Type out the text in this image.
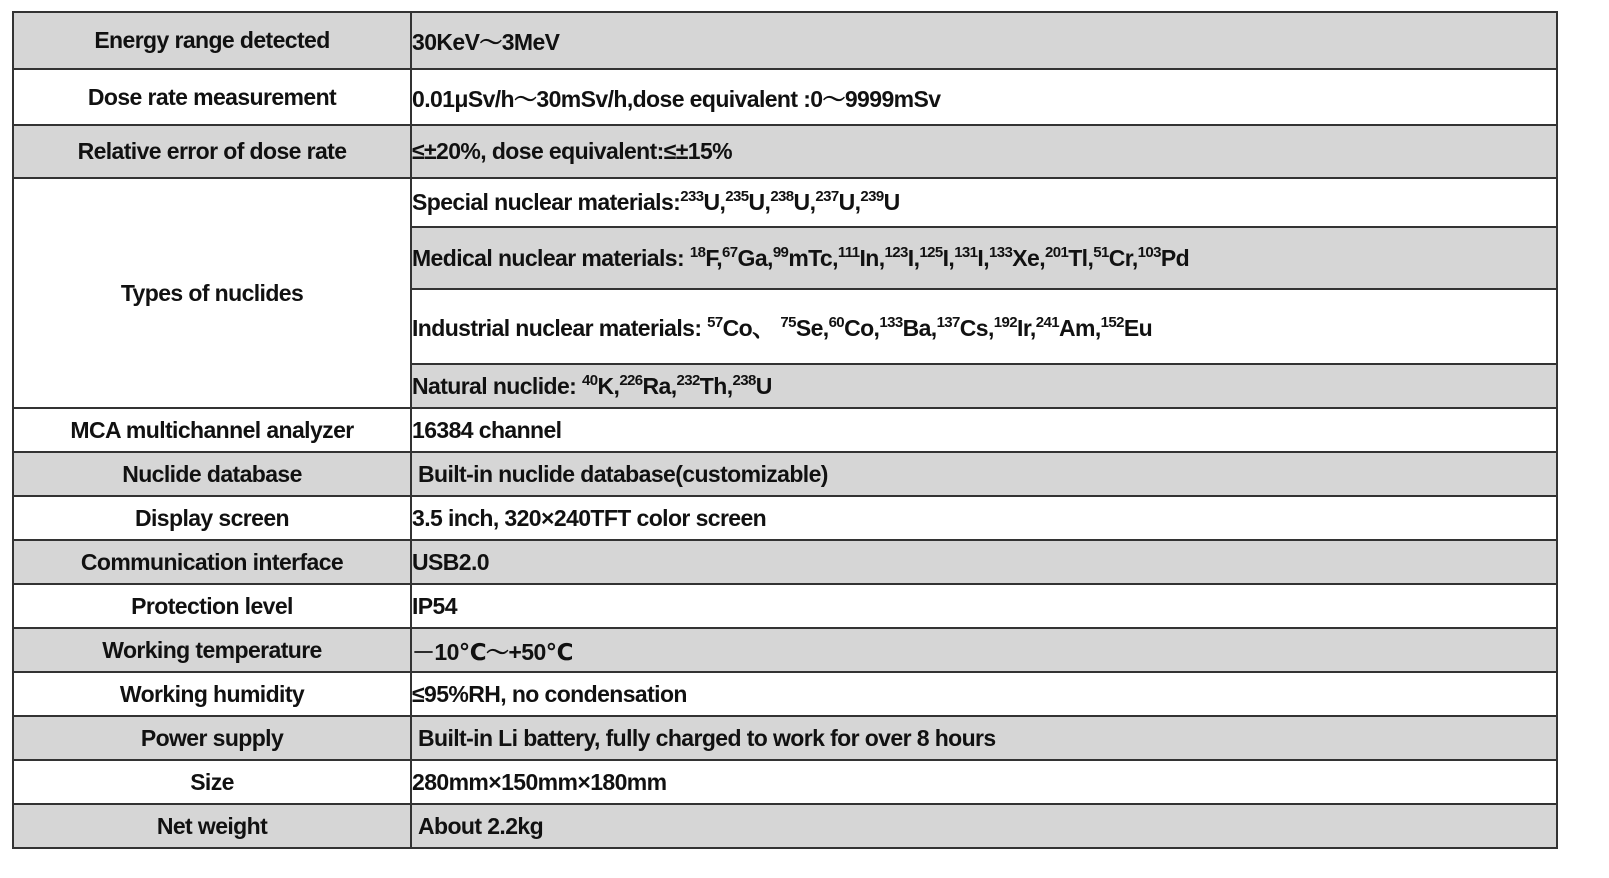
Energy range detected	30KeV～3MeV
Dose rate measurement	0.01μSv/h～30mSv/h,dose equivalent :0～9999mSv
Relative error of dose rate	≤±20%, dose equivalent:≤±15%
Types of nuclides	Special nuclear materials:$^{233}$U,$^{235}$U,$^{238}$U,$^{237}$U,$^{239}$U
	Medical nuclear materials: $^{18}$F,$^{67}$Ga,$^{99}$mTc,$^{111}$In,$^{123}$I,$^{125}$I,$^{131}$I,$^{133}$Xe,$^{201}$Tl,$^{51}$Cr,$^{103}$Pd
	Industrial nuclear materials: $^{57}$Co、 $^{75}$Se,$^{60}$Co,$^{133}$Ba,$^{137}$Cs,$^{192}$Ir,$^{241}$Am,$^{152}$Eu
	Natural nuclide: $^{40}$K,$^{226}$Ra,$^{232}$Th,$^{238}$U
MCA multichannel analyzer	16384 channel
Nuclide database	Built-in nuclide database(customizable)
Display screen	3.5 inch, 320×240TFT color screen
Communication interface	USB2.0
Protection level	IP54
Working temperature	－10℃～+50℃
Working humidity	≤95%RH, no condensation
Power supply	Built-in Li battery, fully charged to work for over 8 hours
Size	280mm×150mm×180mm
Net weight	About 2.2kg
